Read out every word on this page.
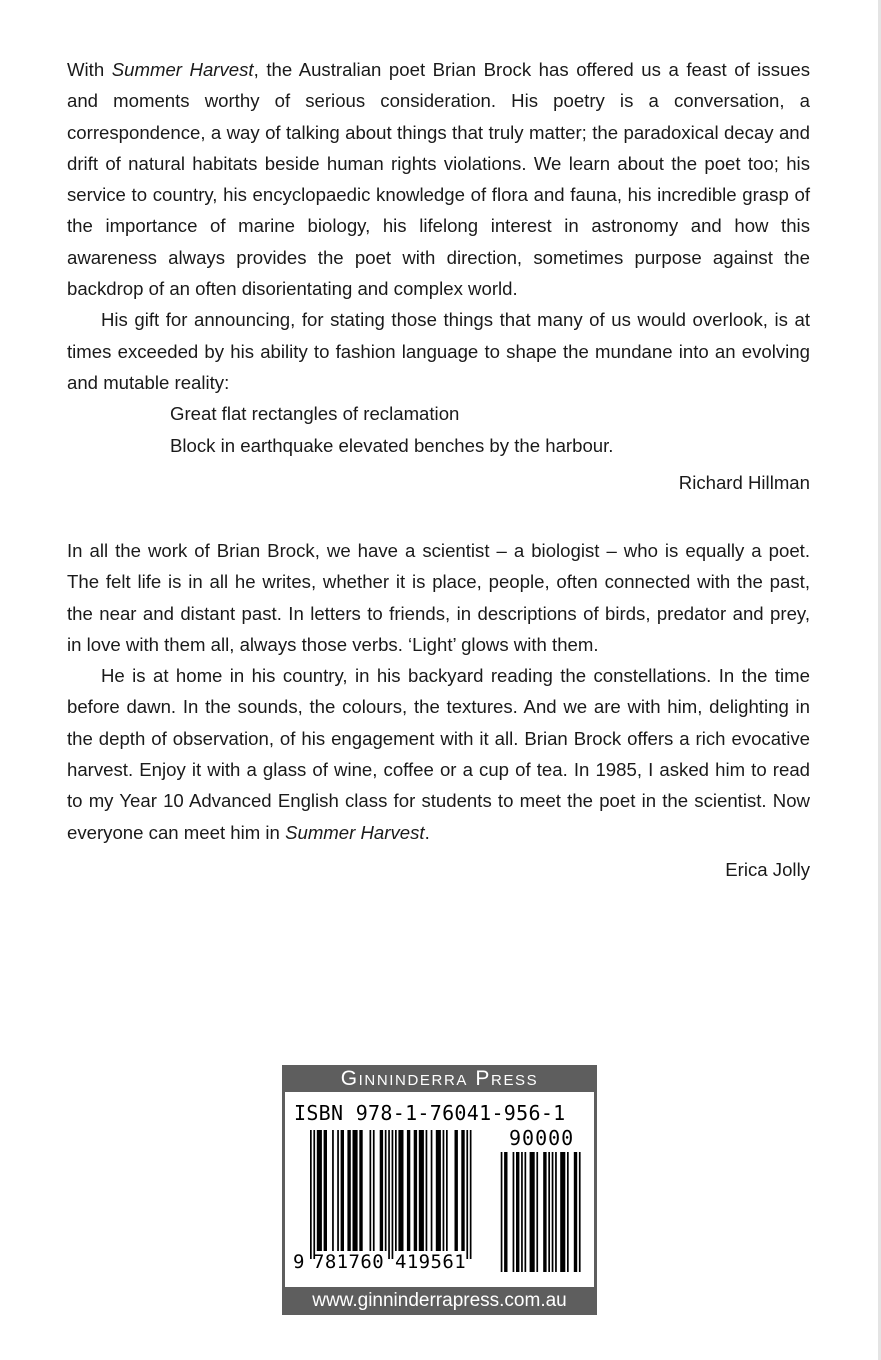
With Summer Harvest, the Australian poet Brian Brock has offered us a feast of issues and moments worthy of serious consideration. His poetry is a conversation, a correspondence, a way of talking about things that truly matter; the paradoxical decay and drift of natural habitats beside human rights violations. We learn about the poet too; his service to country, his encyclopaedic knowledge of flora and fauna, his incredible grasp of the importance of marine biology, his lifelong interest in astronomy and how this awareness always provides the poet with direction, sometimes purpose against the backdrop of an often disorientating and complex world.

His gift for announcing, for stating those things that many of us would overlook, is at times exceeded by his ability to fashion language to shape the mundane into an evolving and mutable reality:

Great flat rectangles of reclamation
Block in earthquake elevated benches by the harbour.
Richard Hillman

In all the work of Brian Brock, we have a scientist – a biologist – who is equally a poet. The felt life is in all he writes, whether it is place, people, often connected with the past, the near and distant past. In letters to friends, in descriptions of birds, predator and prey, in love with them all, always those verbs. ‘Light’ glows with them.

He is at home in his country, in his backyard reading the constellations. In the time before dawn. In the sounds, the colours, the textures. And we are with him, delighting in the depth of observation, of his engagement with it all. Brian Brock offers a rich evocative harvest. Enjoy it with a glass of wine, coffee or a cup of tea. In 1985, I asked him to read to my Year 10 Advanced English class for students to meet the poet in the scientist. Now everyone can meet him in Summer Harvest.

Erica Jolly
Ginninderra Press
ISBN 978-1-76041-956-1
90000
9 781760 419561
www.ginninderrapress.com.au
